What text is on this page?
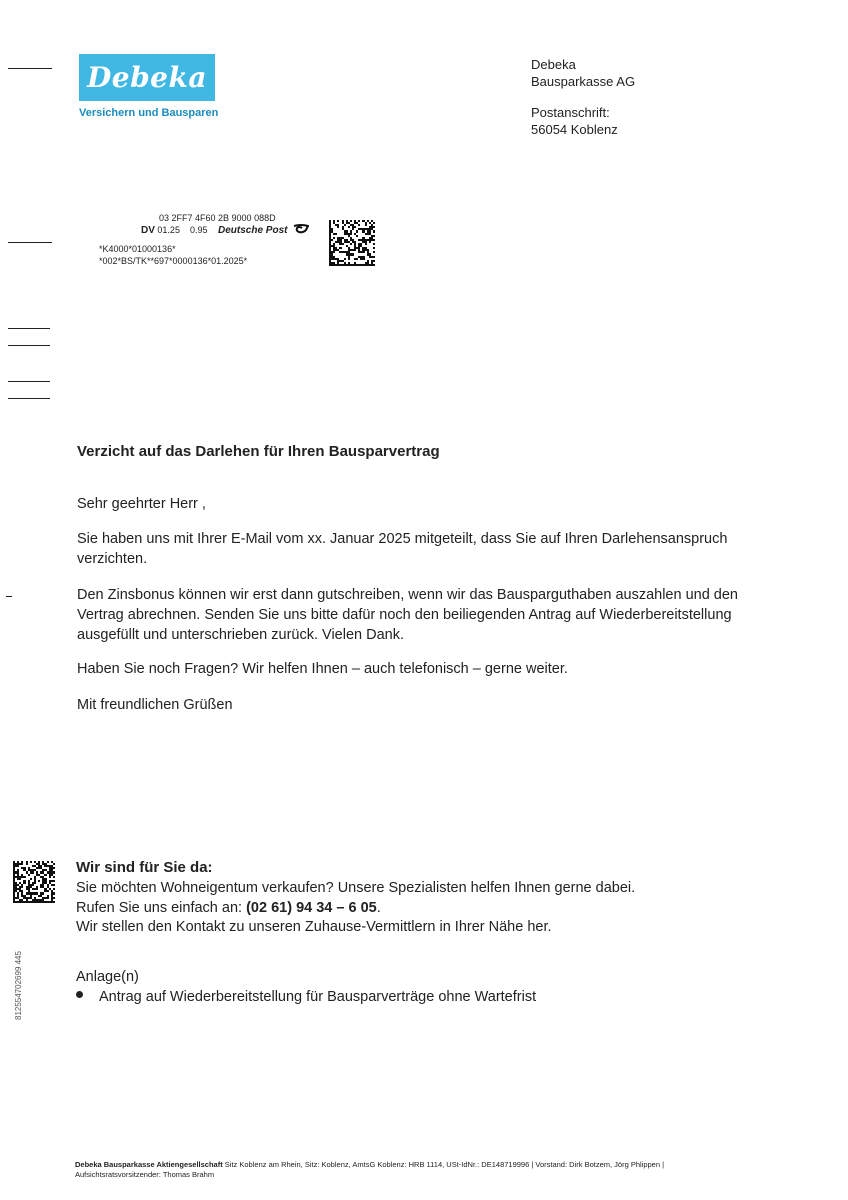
Debeka
Versichern und Bausparen
Debeka
Bausparkasse AG
Postanschrift:
56054 Koblenz
03 2FF7 4F60 2B 9000 088D
DV 01.25 0.95 Deutsche Post
*K4000*01000136*
*002*BS/TK**697*0000136*01.2025*
Verzicht auf das Darlehen für Ihren Bausparvertrag
Sehr geehrter Herr ,
Sie haben uns mit Ihrer E-Mail vom xx. Januar 2025 mitgeteilt, dass Sie auf Ihren Darlehensanspruch verzichten.
Den Zinsbonus können wir erst dann gutschreiben, wenn wir das Bausparguthaben auszahlen und den Vertrag abrechnen. Senden Sie uns bitte dafür noch den beiliegenden Antrag auf Wiederbereitstellung ausgefüllt und unterschrieben zurück. Vielen Dank.
Haben Sie noch Fragen? Wir helfen Ihnen – auch telefonisch – gerne weiter.
Mit freundlichen Grüßen
Wir sind für Sie da:
Sie möchten Wohneigentum verkaufen? Unsere Spezialisten helfen Ihnen gerne dabei.
Rufen Sie uns einfach an: (02 61) 94 34 – 6 05.
Wir stellen den Kontakt zu unseren Zuhause-Vermittlern in Ihrer Nähe her.
812554702699 445	Anlage(n)
Antrag auf Wiederbereitstellung für Bausparverträge ohne Wartefrist
Debeka Bausparkasse Aktiengesellschaft Sitz Koblenz am Rhein, Sitz: Koblenz, AmtsG Koblenz: HRB 1114, USt-IdNr.: DE148719996 | Vorstand: Dirk Botzem, Jörg Phlippen |
Aufsichtsratsvorsitzender: Thomas Brahm
